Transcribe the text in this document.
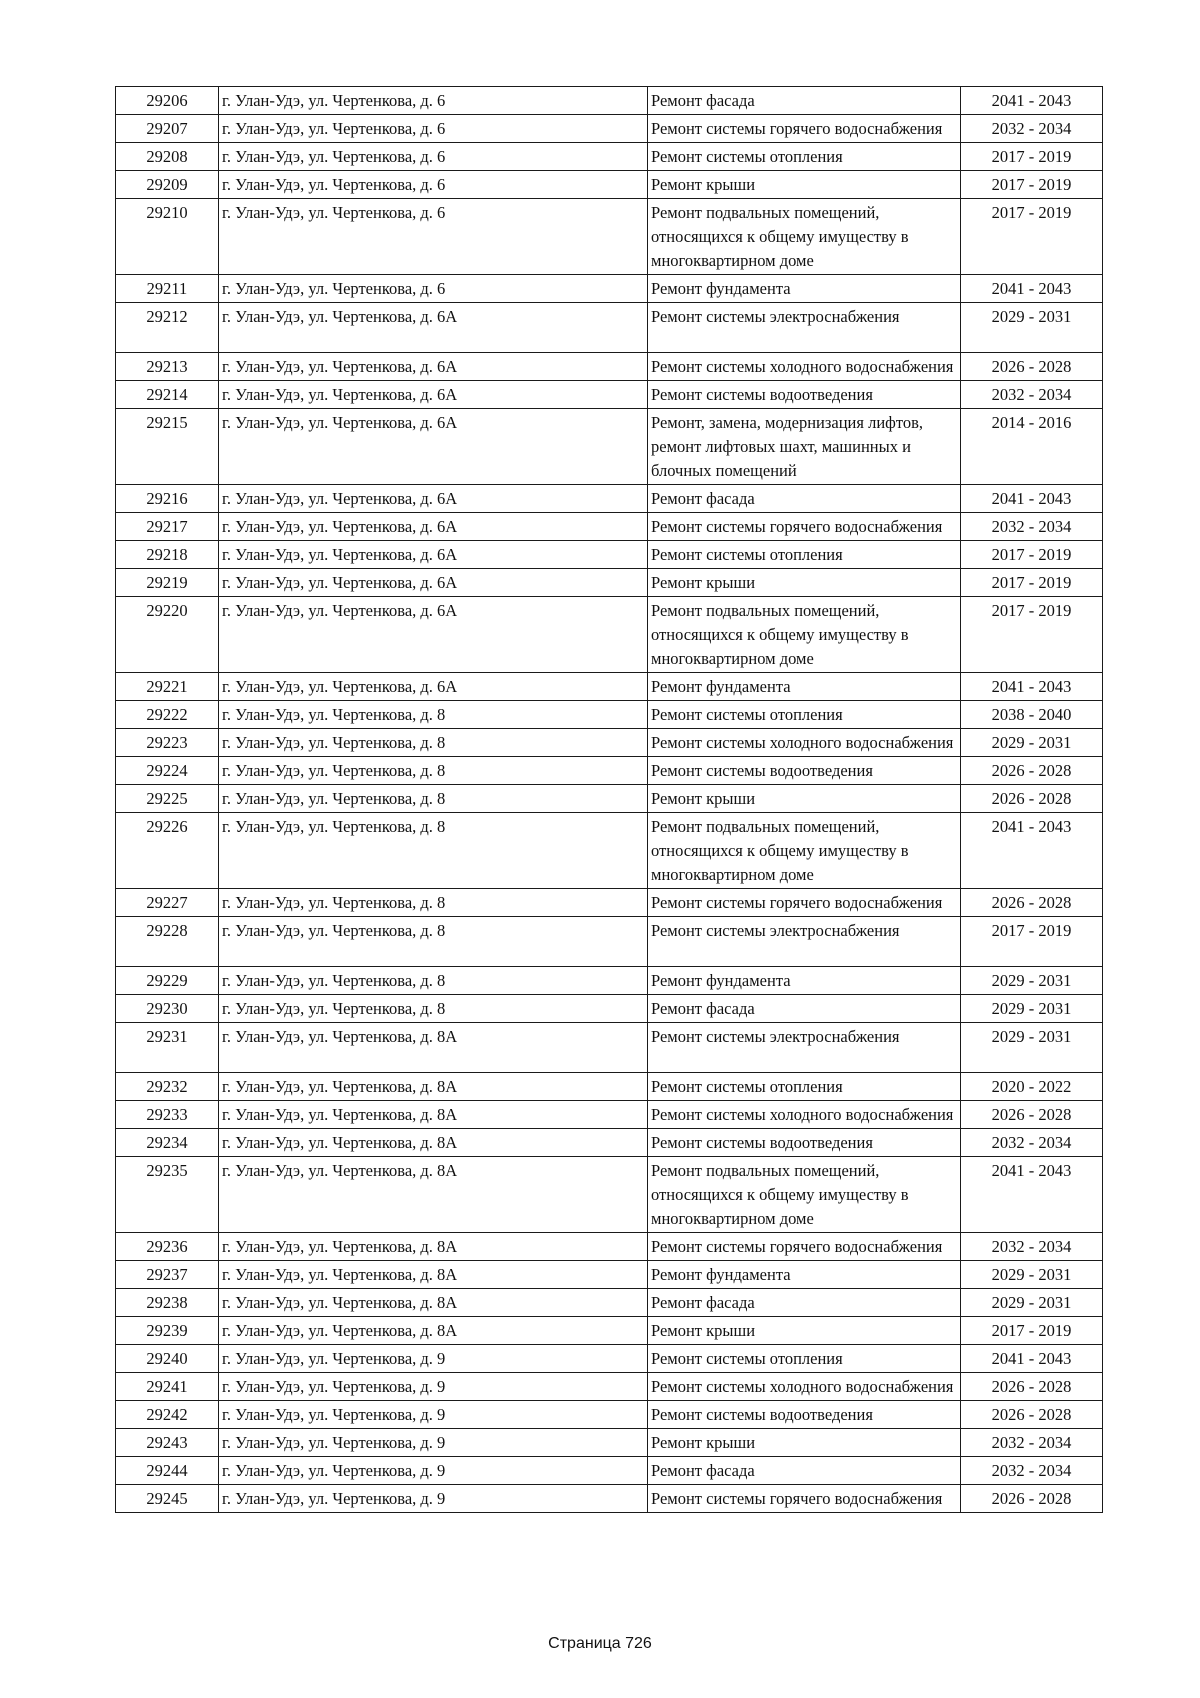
29206	г. Улан-Удэ, ул. Чертенкова, д. 6	Ремонт фасада	2041 - 2043
29207	г. Улан-Удэ, ул. Чертенкова, д. 6	Ремонт системы горячего водоснабжения	2032 - 2034
29208	г. Улан-Удэ, ул. Чертенкова, д. 6	Ремонт системы отопления	2017 - 2019
29209	г. Улан-Удэ, ул. Чертенкова, д. 6	Ремонт крыши	2017 - 2019
29210	г. Улан-Удэ, ул. Чертенкова, д. 6	Ремонт подвальных помещений, относящихся к общему имуществу в многоквартирном доме	2017 - 2019
29211	г. Улан-Удэ, ул. Чертенкова, д. 6	Ремонт фундамента	2041 - 2043
29212	г. Улан-Удэ, ул. Чертенкова, д. 6А	Ремонт системы электроснабжения	2029 - 2031
29213	г. Улан-Удэ, ул. Чертенкова, д. 6А	Ремонт системы холодного водоснабжения	2026 - 2028
29214	г. Улан-Удэ, ул. Чертенкова, д. 6А	Ремонт системы водоотведения	2032 - 2034
29215	г. Улан-Удэ, ул. Чертенкова, д. 6А	Ремонт, замена, модернизация лифтов, ремонт лифтовых шахт, машинных и блочных помещений	2014 - 2016
29216	г. Улан-Удэ, ул. Чертенкова, д. 6А	Ремонт фасада	2041 - 2043
29217	г. Улан-Удэ, ул. Чертенкова, д. 6А	Ремонт системы горячего водоснабжения	2032 - 2034
29218	г. Улан-Удэ, ул. Чертенкова, д. 6А	Ремонт системы отопления	2017 - 2019
29219	г. Улан-Удэ, ул. Чертенкова, д. 6А	Ремонт крыши	2017 - 2019
29220	г. Улан-Удэ, ул. Чертенкова, д. 6А	Ремонт подвальных помещений, относящихся к общему имуществу в многоквартирном доме	2017 - 2019
29221	г. Улан-Удэ, ул. Чертенкова, д. 6А	Ремонт фундамента	2041 - 2043
29222	г. Улан-Удэ, ул. Чертенкова, д. 8	Ремонт системы отопления	2038 - 2040
29223	г. Улан-Удэ, ул. Чертенкова, д. 8	Ремонт системы холодного водоснабжения	2029 - 2031
29224	г. Улан-Удэ, ул. Чертенкова, д. 8	Ремонт системы водоотведения	2026 - 2028
29225	г. Улан-Удэ, ул. Чертенкова, д. 8	Ремонт крыши	2026 - 2028
29226	г. Улан-Удэ, ул. Чертенкова, д. 8	Ремонт подвальных помещений, относящихся к общему имуществу в многоквартирном доме	2041 - 2043
29227	г. Улан-Удэ, ул. Чертенкова, д. 8	Ремонт системы горячего водоснабжения	2026 - 2028
29228	г. Улан-Удэ, ул. Чертенкова, д. 8	Ремонт системы электроснабжения	2017 - 2019
29229	г. Улан-Удэ, ул. Чертенкова, д. 8	Ремонт фундамента	2029 - 2031
29230	г. Улан-Удэ, ул. Чертенкова, д. 8	Ремонт фасада	2029 - 2031
29231	г. Улан-Удэ, ул. Чертенкова, д. 8А	Ремонт системы электроснабжения	2029 - 2031
29232	г. Улан-Удэ, ул. Чертенкова, д. 8А	Ремонт системы отопления	2020 - 2022
29233	г. Улан-Удэ, ул. Чертенкова, д. 8А	Ремонт системы холодного водоснабжения	2026 - 2028
29234	г. Улан-Удэ, ул. Чертенкова, д. 8А	Ремонт системы водоотведения	2032 - 2034
29235	г. Улан-Удэ, ул. Чертенкова, д. 8А	Ремонт подвальных помещений, относящихся к общему имуществу в многоквартирном доме	2041 - 2043
29236	г. Улан-Удэ, ул. Чертенкова, д. 8А	Ремонт системы горячего водоснабжения	2032 - 2034
29237	г. Улан-Удэ, ул. Чертенкова, д. 8А	Ремонт фундамента	2029 - 2031
29238	г. Улан-Удэ, ул. Чертенкова, д. 8А	Ремонт фасада	2029 - 2031
29239	г. Улан-Удэ, ул. Чертенкова, д. 8А	Ремонт крыши	2017 - 2019
29240	г. Улан-Удэ, ул. Чертенкова, д. 9	Ремонт системы отопления	2041 - 2043
29241	г. Улан-Удэ, ул. Чертенкова, д. 9	Ремонт системы холодного водоснабжения	2026 - 2028
29242	г. Улан-Удэ, ул. Чертенкова, д. 9	Ремонт системы водоотведения	2026 - 2028
29243	г. Улан-Удэ, ул. Чертенкова, д. 9	Ремонт крыши	2032 - 2034
29244	г. Улан-Удэ, ул. Чертенкова, д. 9	Ремонт фасада	2032 - 2034
29245	г. Улан-Удэ, ул. Чертенкова, д. 9	Ремонт системы горячего водоснабжения	2026 - 2028
Страница 726
